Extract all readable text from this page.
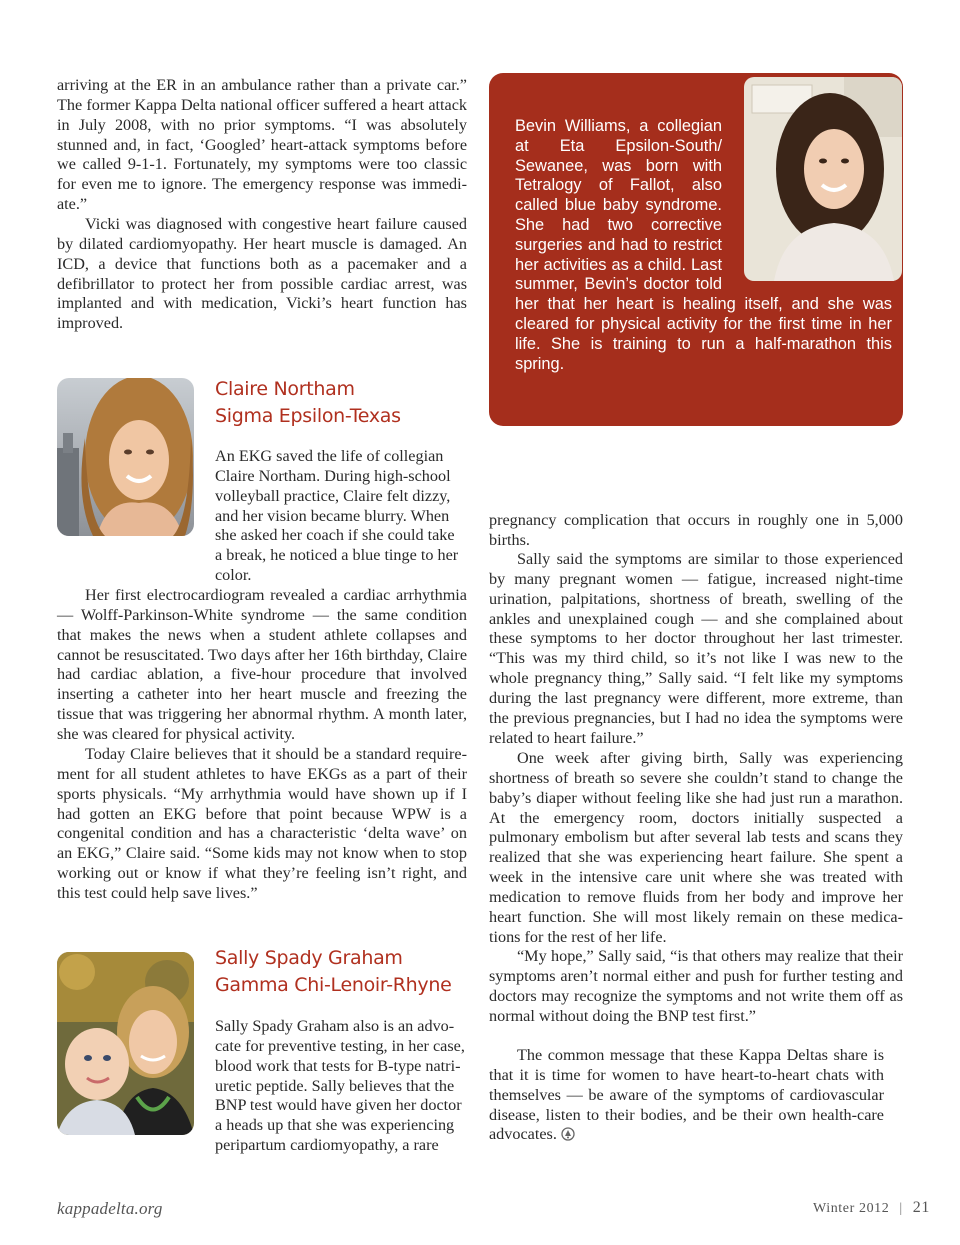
arriving at the ER in an ambulance rather than a private car.” The former Kappa Delta national officer suffered a heart attack in July 2008, with no prior symptoms. “I was absolutely stunned and, in fact, ‘Googled’ heart-attack symptoms before we called 9-1-1. Fortunately, my symptoms were too classic for even me to ignore. The emergency response was immediate.”

Vicki was diagnosed with congestive heart failure caused by dilated cardiomyopathy. Her heart muscle is damaged. An ICD, a device that functions both as a pacemaker and a defibrillator to protect her from possible cardiac arrest, was implanted and with medication, Vicki’s heart function has improved.

Claire Northam
Sigma Epsilon-Texas

An EKG saved the life of collegian Claire Northam. During high-school volleyball practice, Claire felt dizzy, and her vision became blurry. When she asked her coach if she could take a break, he noticed a blue tinge to her color.

Her first electrocardiogram revealed a cardiac arrhythmia — Wolff-Parkinson-White syndrome — the same condition that makes the news when a student athlete collapses and cannot be resuscitated. Two days after her 16th birthday, Claire had cardiac ablation, a five-hour procedure that involved inserting a catheter into her heart muscle and freezing the tissue that was triggering her abnormal rhythm. A month later, she was cleared for physical activity.

Today Claire believes that it should be a standard requirement for all student athletes to have EKGs as a part of their sports physicals. “My arrhythmia would have shown up if I had gotten an EKG before that point because WPW is a congenital condition and has a characteristic ‘delta wave’ on an EKG,” Claire said. “Some kids may not know when to stop working out or know if what they’re feeling isn’t right, and this test could help save lives.”

Sally Spady Graham
Gamma Chi-Lenoir-Rhyne

Sally Spady Graham also is an advocate for preventive testing, in her case, blood work that tests for B-type natriuretic peptide. Sally believes that the BNP test would have given her doctor a heads up that she was experiencing peripartum cardiomyopathy, a rare

Bevin Williams, a collegian at Eta Epsilon-South/ Sewanee, was born with Tetralogy of Fallot, also called blue baby syndrome. She had two corrective surgeries and had to restrict her activities as a child. Last summer, Bevin’s doctor told her that her heart is healing itself, and she was cleared for physical activity for the first time in her life. She is training to run a half-marathon this spring.

pregnancy complication that occurs in roughly one in 5,000 births.

Sally said the symptoms are similar to those experienced by many pregnant women — fatigue, increased night-time urination, palpitations, shortness of breath, swelling of the ankles and unexplained cough — and she complained about these symptoms to her doctor throughout her last trimester. “This was my third child, so it’s not like I was new to the whole pregnancy thing,” Sally said. “I felt like my symptoms during the last pregnancy were different, more extreme, than the previous pregnancies, but I had no idea the symptoms were related to heart failure.”

One week after giving birth, Sally was experiencing shortness of breath so severe she couldn’t stand to change the baby’s diaper without feeling like she had just run a marathon. At the emergency room, doctors initially suspected a pulmonary embolism but after several lab tests and scans they realized that she was experiencing heart failure. She spent a week in the intensive care unit where she was treated with medication to remove fluids from her body and improve her heart function. She will most likely remain on these medications for the rest of her life.

“My hope,” Sally said, “is that others may realize that their symptoms aren’t normal either and push for further testing and doctors may recognize the symptoms and not write them off as normal without doing the BNP test first.”

The common message that these Kappa Deltas share is that it is time for women to have heart-to-heart chats with themselves — be aware of the symptoms of cardiovascular disease, listen to their bodies, and be their own health-care advocates.

kappadelta.org	Winter 2012 | 21
